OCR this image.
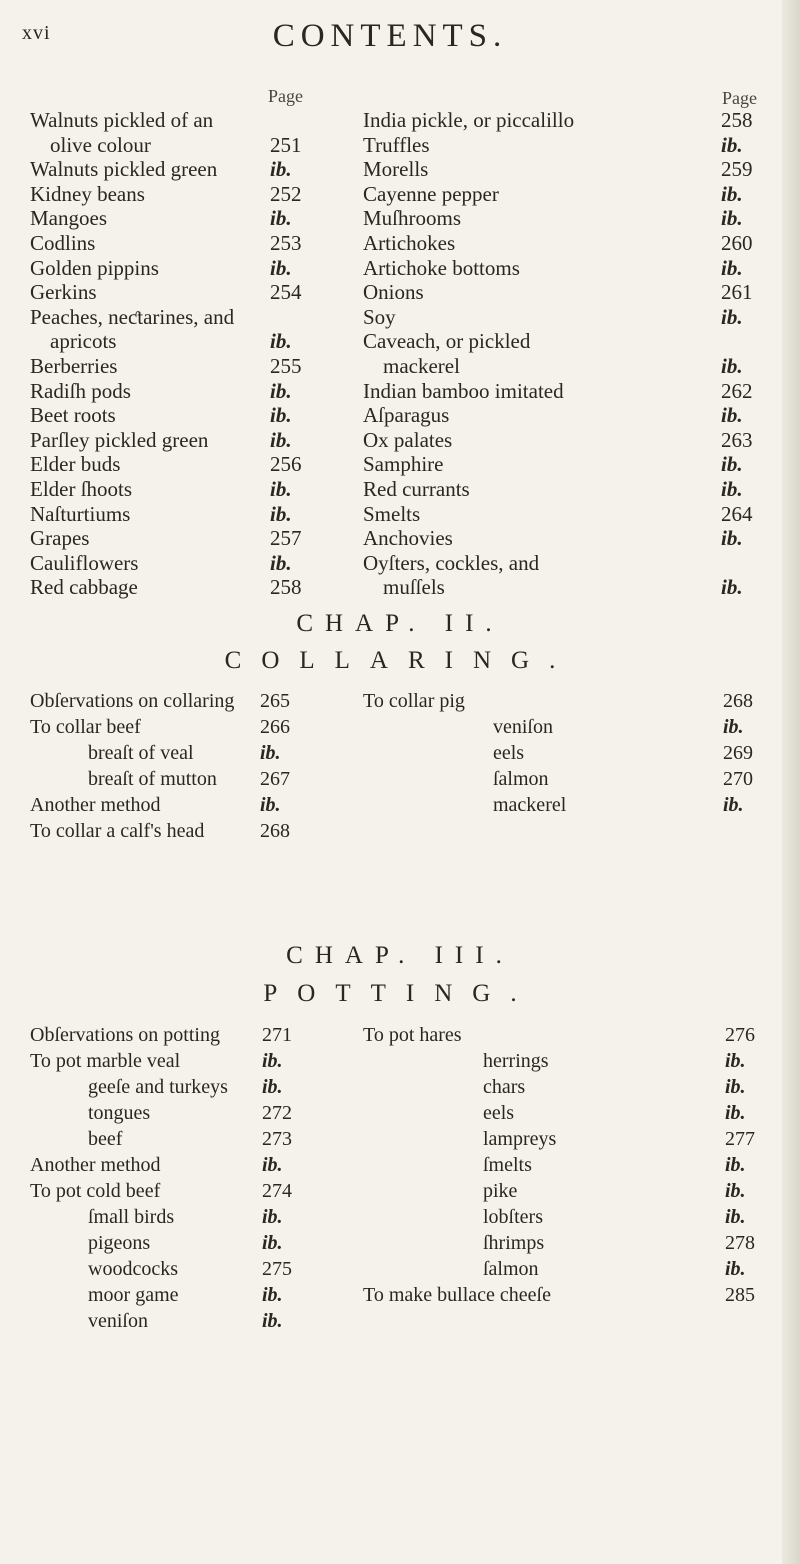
xvi	CONTENTS.
Page	Page
Walnuts pickled of an
olive colour	251
Walnuts pickled green	ib.
Kidney beans	252
Mangoes	ib.
Codlins	253
Golden pippins	ib.
Gerkins	254
Peaches, neƈtarines, and
apricots	ib.
Berberries	255
Radiſh pods	ib.
Beet roots	ib.
Parſley pickled green	ib.
Elder buds	256
Elder ſhoots	ib.
Naſturtiums	ib.
Grapes	257
Cauliflowers	ib.
Red cabbage	258
India pickle, or piccalillo	258
Truffles	ib.
Morells	259
Cayenne pepper	ib.
Muſhrooms	ib.
Artichokes	260
Artichoke bottoms	ib.
Onions	261
Soy	ib.
Caveach, or pickled
mackerel	ib.
Indian bamboo imitated	262
Aſparagus	ib.
Ox palates	263
Samphire	ib.
Red currants	ib.
Smelts	264
Anchovies	ib.
Oyſters, cockles, and
muſſels	ib.
CHAP. II.
COLLARING.
Obſervations on collaring 265
To collar beef	266
breaſt of veal	ib.
breaſt of mutton 267
Another method	ib.
To collar a calf's head	268
To collar pig	268
veniſon	ib.
eels	269
ſalmon	270
mackerel	ib.
CHAP. III.
POTTING.
Obſervations on potting 271
To pot marble veal	ib.
geeſe and turkeys ib.
tongues	272
beef	273
Another method	ib.
To pot cold beef	274
ſmall birds	ib.
pigeons	ib.
woodcocks	275
moor game	ib.
veniſon	ib.
To pot hares	276
herrings	ib.
chars	ib.
eels	ib.
lampreys	277
ſmelts	ib.
pike	ib.
lobſters	ib.
ſhrimps	278
ſalmon	ib.
To make bullace cheeſe	285
